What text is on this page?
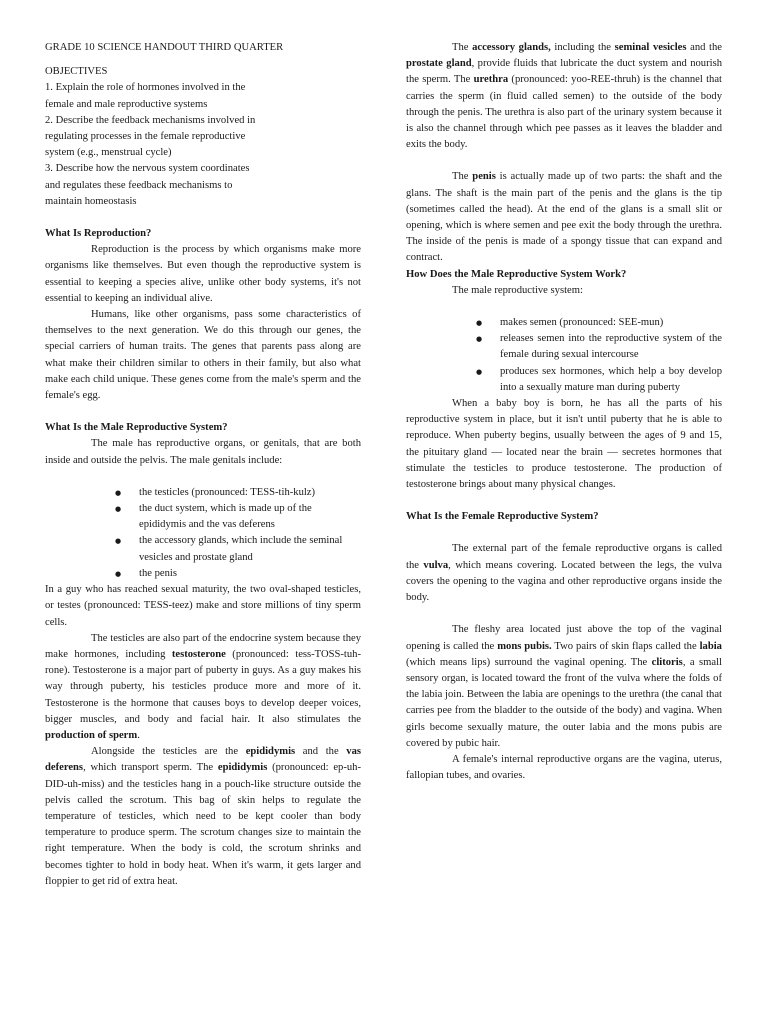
GRADE 10 SCIENCE HANDOUT THIRD QUARTER

OBJECTIVES

1. Explain the role of hormones involved in the female and male reproductive systems

2. Describe the feedback mechanisms involved in regulating processes in the female reproductive system (e.g., menstrual cycle)

3. Describe how the nervous system coordinates and regulates these feedback mechanisms to maintain homeostasis

What Is Reproduction?

Reproduction is the process by which organisms make more organisms like themselves. But even though the reproductive system is essential to keeping a species alive, unlike other body systems, it's not essential to keeping an individual alive.

Humans, like other organisms, pass some characteristics of themselves to the next generation. We do this through our genes, the special carriers of human traits. The genes that parents pass along are what make their children similar to others in their family, but also what make each child unique. These genes come from the male's sperm and the female's egg.

What Is the Male Reproductive System?

The male has reproductive organs, or genitals, that are both inside and outside the pelvis. The male genitals include:

● the testicles (pronounced: TESS-tih-kulz)
● the duct system, which is made up of the epididymis and the vas deferens
● the accessory glands, which include the seminal vesicles and prostate gland
● the penis

In a guy who has reached sexual maturity, the two oval-shaped testicles, or testes (pronounced: TESS-teez) make and store millions of tiny sperm cells.

The testicles are also part of the endocrine system because they make hormones, including testosterone (pronounced: tess-TOSS-tuh-rone). Testosterone is a major part of puberty in guys. As a guy makes his way through puberty, his testicles produce more and more of it. Testosterone is the hormone that causes boys to develop deeper voices, bigger muscles, and body and facial hair. It also stimulates the production of sperm.

Alongside the testicles are the epididymis and the vas deferens, which transport sperm. The epididymis (pronounced: ep-uh-DID-uh-miss) and the testicles hang in a pouch-like structure outside the pelvis called the scrotum. This bag of skin helps to regulate the temperature of testicles, which need to be kept cooler than body temperature to produce sperm. The scrotum changes size to maintain the right temperature. When the body is cold, the scrotum shrinks and becomes tighter to hold in body heat. When it's warm, it gets larger and floppier to get rid of extra heat.

The accessory glands, including the seminal vesicles and the prostate gland, provide fluids that lubricate the duct system and nourish the sperm. The urethra (pronounced: yoo-REE-thruh) is the channel that carries the sperm (in fluid called semen) to the outside of the body through the penis. The urethra is also part of the urinary system because it is also the channel through which pee passes as it leaves the bladder and exits the body.

The penis is actually made up of two parts: the shaft and the glans. The shaft is the main part of the penis and the glans is the tip (sometimes called the head). At the end of the glans is a small slit or opening, which is where semen and pee exit the body through the urethra. The inside of the penis is made of a spongy tissue that can expand and contract.

How Does the Male Reproductive System Work?

The male reproductive system:

● makes semen (pronounced: SEE-mun)
● releases semen into the reproductive system of the female during sexual intercourse
● produces sex hormones, which help a boy develop into a sexually mature man during puberty

When a baby boy is born, he has all the parts of his reproductive system in place, but it isn't until puberty that he is able to reproduce. When puberty begins, usually between the ages of 9 and 15, the pituitary gland — located near the brain — secretes hormones that stimulate the testicles to produce testosterone. The production of testosterone brings about many physical changes.

What Is the Female Reproductive System?

The external part of the female reproductive organs is called the vulva, which means covering. Located between the legs, the vulva covers the opening to the vagina and other reproductive organs inside the body.

The fleshy area located just above the top of the vaginal opening is called the mons pubis. Two pairs of skin flaps called the labia (which means lips) surround the vaginal opening. The clitoris, a small sensory organ, is located toward the front of the vulva where the folds of the labia join. Between the labia are openings to the urethra (the canal that carries pee from the bladder to the outside of the body) and vagina. When girls become sexually mature, the outer labia and the mons pubis are covered by pubic hair.

A female's internal reproductive organs are the vagina, uterus, fallopian tubes, and ovaries.
